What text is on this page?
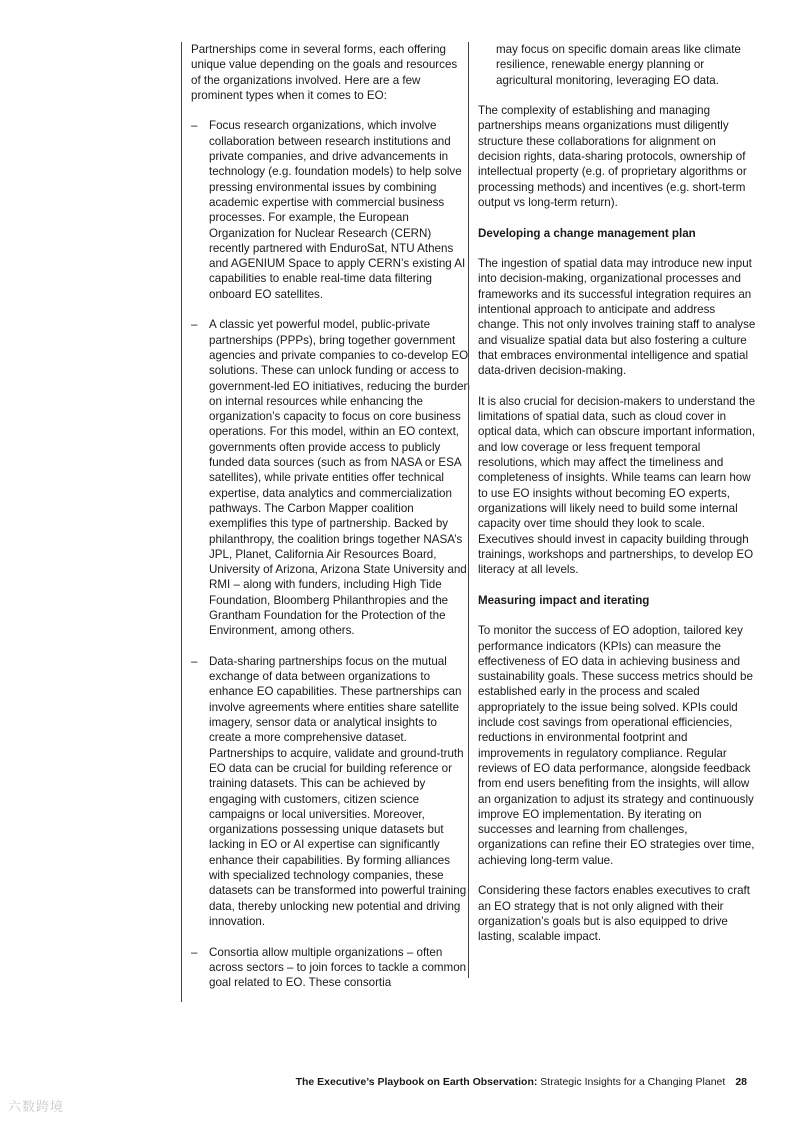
Partnerships come in several forms, each offering unique value depending on the goals and resources of the organizations involved. Here are a few prominent types when it comes to EO:

– Focus research organizations, which involve collaboration between research institutions and private companies, and drive advancements in technology (e.g. foundation models) to help solve pressing environmental issues by combining academic expertise with commercial business processes. For example, the European Organization for Nuclear Research (CERN) recently partnered with EnduroSat, NTU Athens and AGENIUM Space to apply CERN’s existing AI capabilities to enable real-time data filtering onboard EO satellites.
– A classic yet powerful model, public-private partnerships (PPPs), bring together government agencies and private companies to co-develop EO solutions. These can unlock funding or access to government-led EO initiatives, reducing the burden on internal resources while enhancing the organization’s capacity to focus on core business operations. For this model, within an EO context, governments often provide access to publicly funded data sources (such as from NASA or ESA satellites), while private entities offer technical expertise, data analytics and commercialization pathways. The Carbon Mapper coalition exemplifies this type of partnership. Backed by philanthropy, the coalition brings together NASA’s JPL, Planet, California Air Resources Board, University of Arizona, Arizona State University and RMI – along with funders, including High Tide Foundation, Bloomberg Philanthropies and the Grantham Foundation for the Protection of the Environment, among others.
– Data-sharing partnerships focus on the mutual exchange of data between organizations to enhance EO capabilities. These partnerships can involve agreements where entities share satellite imagery, sensor data or analytical insights to create a more comprehensive dataset. Partnerships to acquire, validate and ground-truth EO data can be crucial for building reference or training datasets. This can be achieved by engaging with customers, citizen science campaigns or local universities. Moreover, organizations possessing unique datasets but lacking in EO or AI expertise can significantly enhance their capabilities. By forming alliances with specialized technology companies, these datasets can be transformed into powerful training data, thereby unlocking new potential and driving innovation.
– Consortia allow multiple organizations – often across sectors – to join forces to tackle a common goal related to EO. These consortia

may focus on specific domain areas like climate resilience, renewable energy planning or agricultural monitoring, leveraging EO data.

The complexity of establishing and managing partnerships means organizations must diligently structure these collaborations for alignment on decision rights, data-sharing protocols, ownership of intellectual property (e.g. of proprietary algorithms or processing methods) and incentives (e.g. short-term output vs long-term return).

Developing a change management plan

The ingestion of spatial data may introduce new input into decision-making, organizational processes and frameworks and its successful integration requires an intentional approach to anticipate and address change. This not only involves training staff to analyse and visualize spatial data but also fostering a culture that embraces environmental intelligence and spatial data-driven decision-making.

It is also crucial for decision-makers to understand the limitations of spatial data, such as cloud cover in optical data, which can obscure important information, and low coverage or less frequent temporal resolutions, which may affect the timeliness and completeness of insights. While teams can learn how to use EO insights without becoming EO experts, organizations will likely need to build some internal capacity over time should they look to scale. Executives should invest in capacity building through trainings, workshops and partnerships, to develop EO literacy at all levels.

Measuring impact and iterating

To monitor the success of EO adoption, tailored key performance indicators (KPIs) can measure the effectiveness of EO data in achieving business and sustainability goals. These success metrics should be established early in the process and scaled appropriately to the issue being solved. KPIs could include cost savings from operational efficiencies, reductions in environmental footprint and improvements in regulatory compliance. Regular reviews of EO data performance, alongside feedback from end users benefiting from the insights, will allow an organization to adjust its strategy and continuously improve EO implementation. By iterating on successes and learning from challenges, organizations can refine their EO strategies over time, achieving long-term value.

Considering these factors enables executives to craft an EO strategy that is not only aligned with their organization’s goals but is also equipped to drive lasting, scalable impact.

The Executive’s Playbook on Earth Observation: Strategic Insights for a Changing Planet 28
六数跨境
